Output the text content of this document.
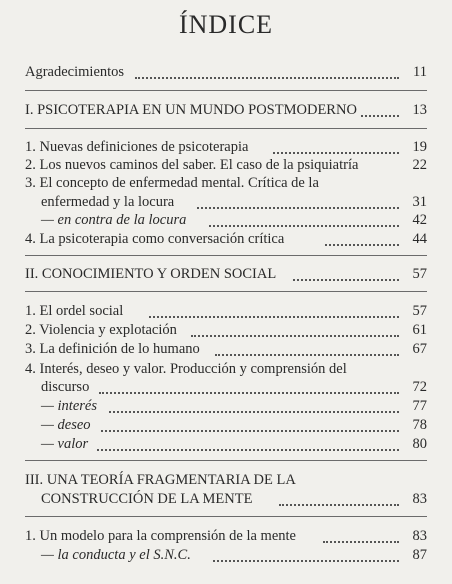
ÍNDICE
Agradecimientos	11
I. PSICOTERAPIA EN UN MUNDO POSTMODERNO	13
1. Nuevas definiciones de psicoterapia	19
2. Los nuevos caminos del saber. El caso de la psiquiatría	22
3. El concepto de enfermedad mental. Crítica de la
enfermedad y la locura	31
— en contra de la locura	42
4. La psicoterapia como conversación crítica	44
II. CONOCIMIENTO Y ORDEN SOCIAL	57
1. El ordel social	57
2. Violencia y explotación	61
3. La definición de lo humano	67
4. Interés, deseo y valor. Producción y comprensión del
discurso	72
— interés	77
— deseo	78
— valor	80
III. UNA TEORÍA FRAGMENTARIA DE LA
CONSTRUCCIÓN DE LA MENTE	83
1. Un modelo para la comprensión de la mente	83
— la conducta y el S.N.C.	87
